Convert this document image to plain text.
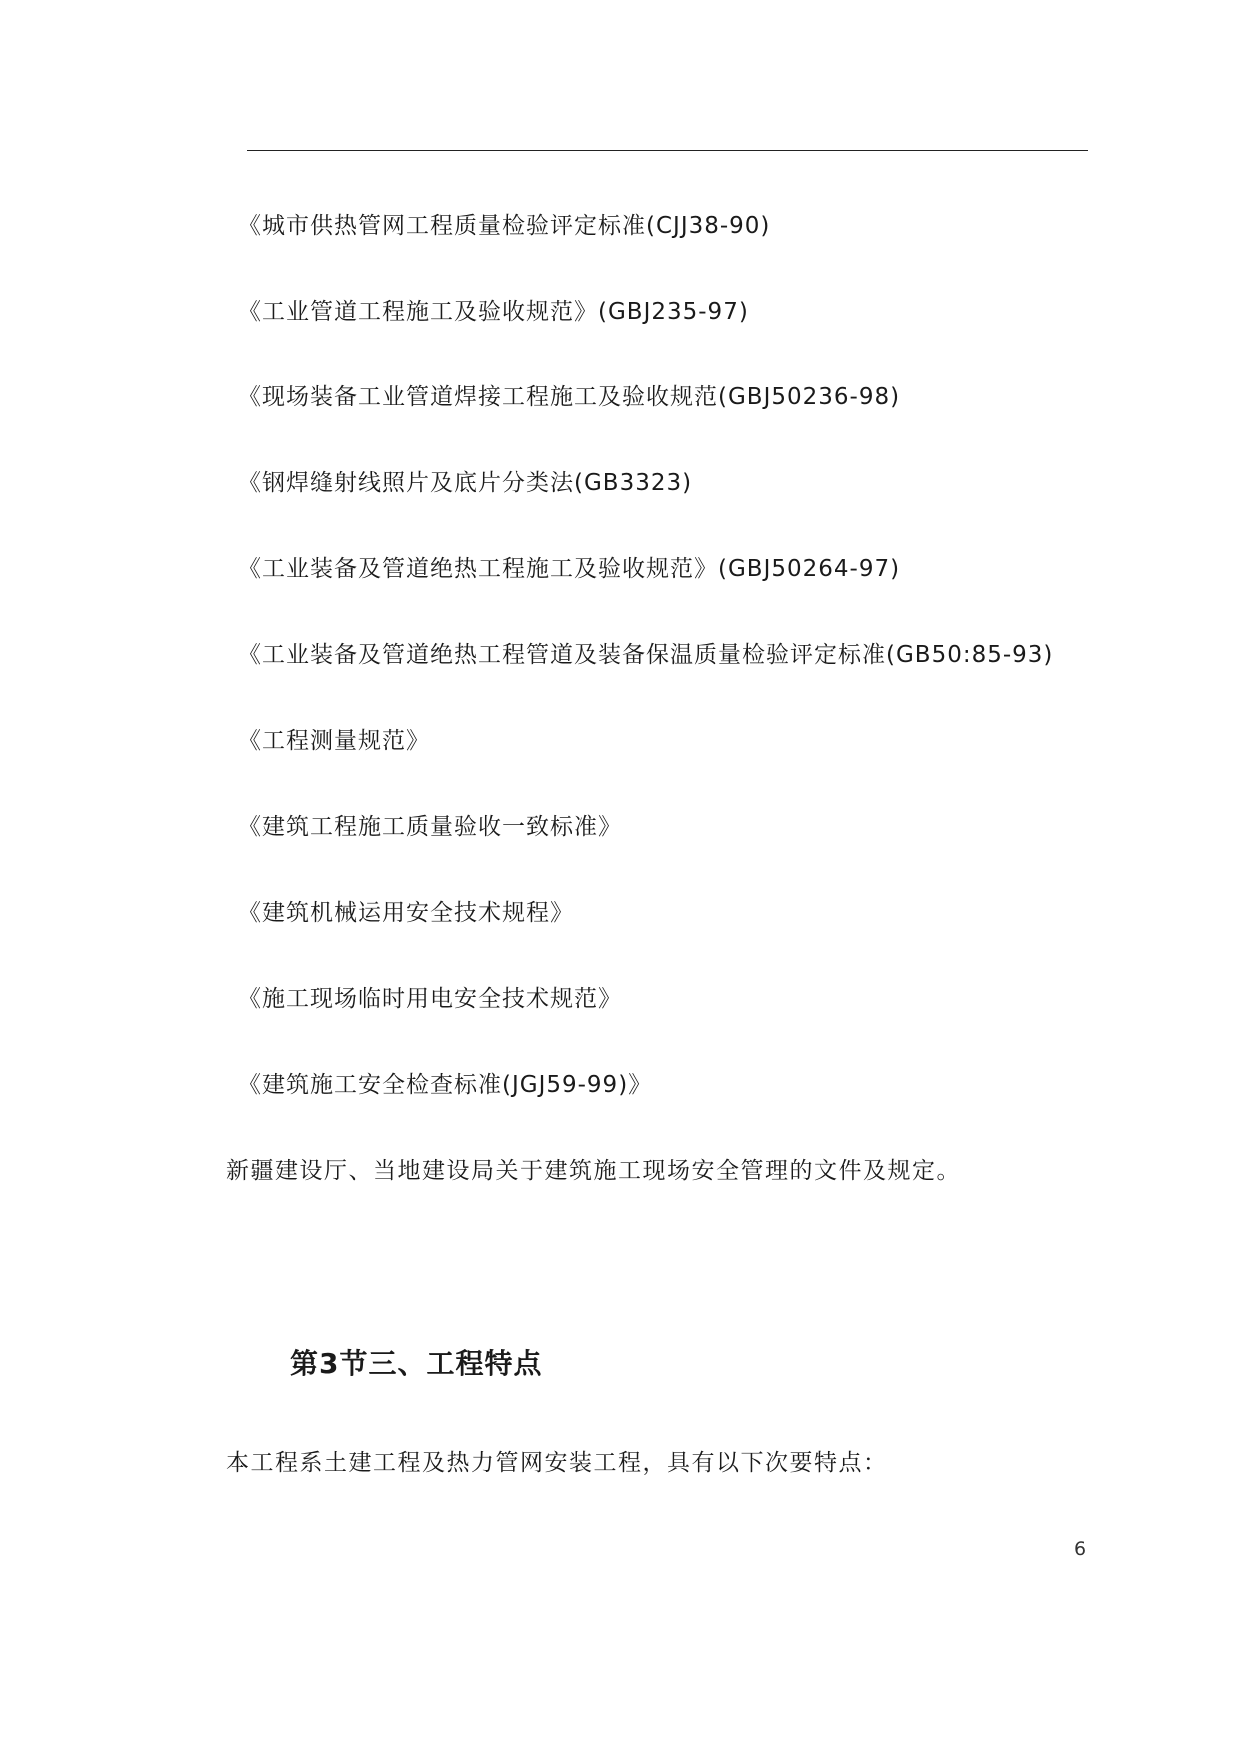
《城市供热管网工程质量检验评定标准(CJJ38-90)
《工业管道工程施工及验收规范》(GBJ235-97)
《现场装备工业管道焊接工程施工及验收规范(GBJ50236-98)
《钢焊缝射线照片及底片分类法(GB3323)
《工业装备及管道绝热工程施工及验收规范》(GBJ50264-97)
《工业装备及管道绝热工程管道及装备保温质量检验评定标准(GB50:85-93)
《工程测量规范》
《建筑工程施工质量验收一致标准》
《建筑机械运用安全技术规程》
《施工现场临时用电安全技术规范》
《建筑施工安全检查标准(JGJ59-99)》
新疆建设厅、当地建设局关于建筑施工现场安全管理的文件及规定。
第3节三、工程特点
本工程系土建工程及热力管网安装工程，具有以下次要特点：
6
